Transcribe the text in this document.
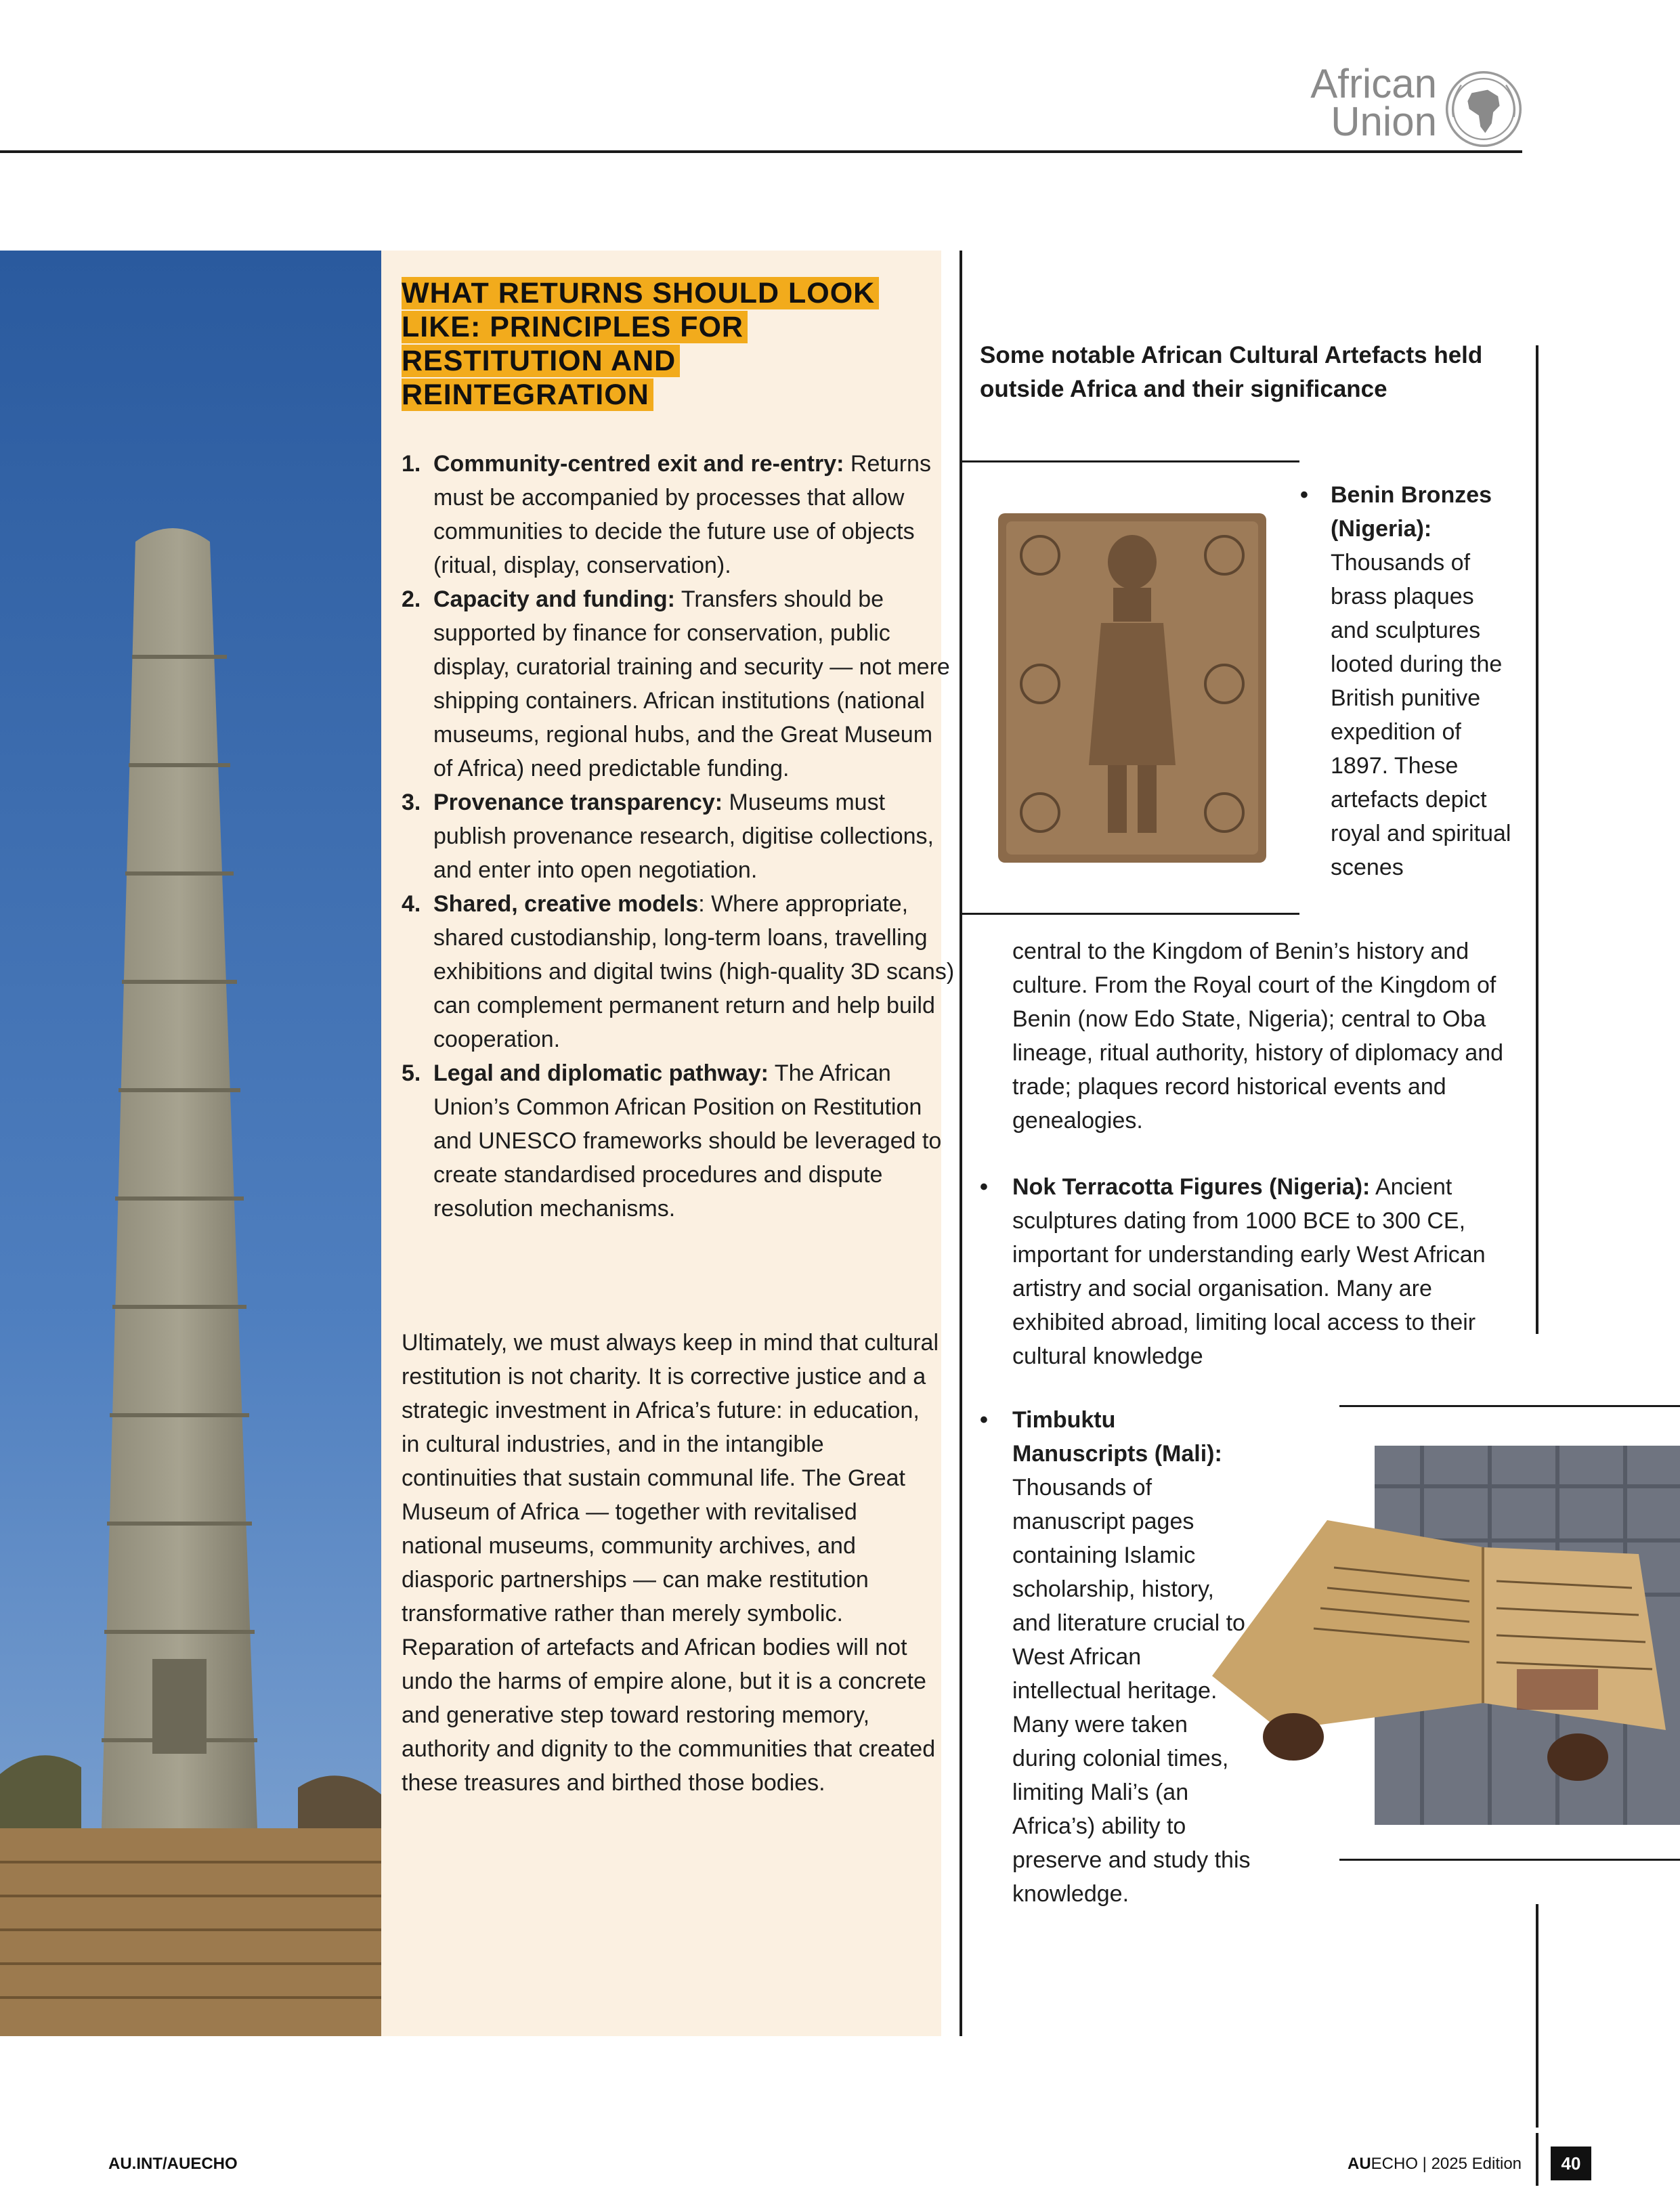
African
Union
WHAT RETURNS SHOULD LOOK LIKE: PRINCIPLES FOR RESTITUTION AND REINTEGRATION
1. Community-centred exit and re-entry: Returns must be accompanied by processes that allow communities to decide the future use of objects (ritual, display, conservation).
2. Capacity and funding: Transfers should be supported by finance for conservation, public display, curatorial training and security — not mere shipping containers. African institutions (national museums, regional hubs, and the Great Museum of Africa) need predictable funding.
3. Provenance transparency: Museums must publish provenance research, digitise collections, and enter into open negotiation.
4. Shared, creative models: Where appropriate, shared custodianship, long-term loans, travelling exhibitions and digital twins (high-quality 3D scans) can complement permanent return and help build cooperation.
5. Legal and diplomatic pathway: The African Union’s Common African Position on Restitution and UNESCO frameworks should be leveraged to create standardised procedures and dispute resolution mechanisms.

Ultimately, we must always keep in mind that cultural restitution is not charity. It is corrective justice and a strategic investment in Africa’s future: in education, in cultural industries, and in the intangible continuities that sustain communal life. The Great Museum of Africa — together with revitalised national museums, community archives, and diasporic partnerships — can make restitution transformative rather than merely symbolic. Reparation of artefacts and African bodies will not undo the harms of empire alone, but it is a concrete and generative step toward restoring memory, authority and dignity to the communities that created these treasures and birthed those bodies.

Some notable African Cultural Artefacts held outside Africa and their significance
• Benin Bronzes (Nigeria):
Thousands of brass plaques and sculptures looted during the British punitive expedition of 1897. These artefacts depict royal and spiritual scenes
central to the Kingdom of Benin’s history and culture. From the Royal court of the Kingdom of Benin (now Edo State, Nigeria); central to Oba lineage, ritual authority, history of diplomacy and trade; plaques record historical events and genealogies.
• Nok Terracotta Figures (Nigeria): Ancient sculptures dating from 1000 BCE to 300 CE, important for understanding early West African artistry and social organisation. Many are exhibited abroad, limiting local access to their cultural knowledge
• Timbuktu Manuscripts (Mali):
Thousands of manuscript pages containing Islamic scholarship, history, and literature crucial to West African intellectual heritage. Many were taken during colonial times, limiting Mali’s (an Africa’s) ability to preserve and study this knowledge.
AU.INT/AUECHO	AUECHO | 2025 Edition	40
